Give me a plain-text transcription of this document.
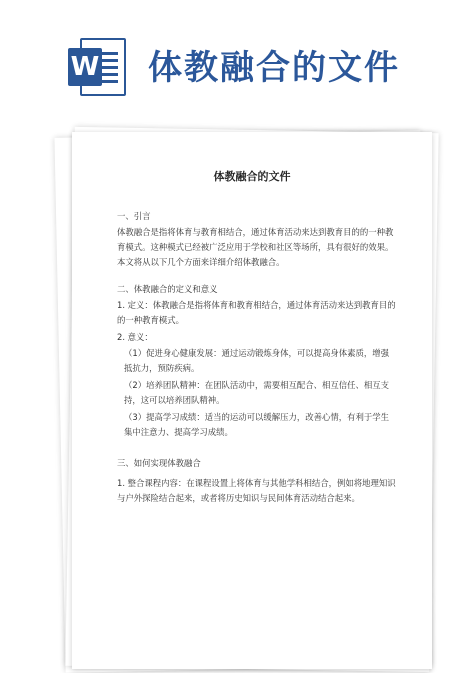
W 体教融合的文件
体教融合的文件
一、引言

体教融合是指将体育与教育相结合，通过体育活动来达到教育目的的一种教育模式。这种模式已经被广泛应用于学校和社区等场所，具有很好的效果。本文将从以下几个方面来详细介绍体教融合。

二、体教融合的定义和意义

1. 定义：体教融合是指将体育和教育相结合，通过体育活动来达到教育目的的一种教育模式。

2. 意义：

（1）促进身心健康发展：通过运动锻炼身体，可以提高身体素质，增强抵抗力，预防疾病。

（2）培养团队精神：在团队活动中，需要相互配合、相互信任、相互支持，这可以培养团队精神。

（3）提高学习成绩：适当的运动可以缓解压力，改善心情，有利于学生集中注意力、提高学习成绩。

三、如何实现体教融合

1. 整合课程内容：在课程设置上将体育与其他学科相结合，例如将地理知识与户外探险结合起来，或者将历史知识与民间体育活动结合起来。
